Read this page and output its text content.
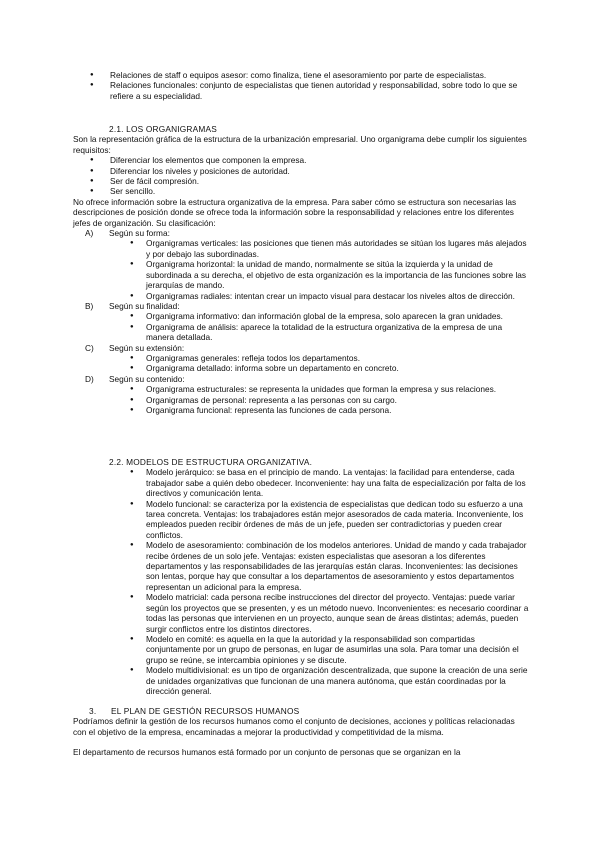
● Relaciones de staff o equipos asesor: como finaliza, tiene el asesoramiento por parte de especialistas.
● Relaciones funcionales: conjunto de especialistas que tienen autoridad y responsabilidad, sobre todo lo que se refiere a su especialidad.

2.1. LOS ORGANIGRAMAS

Son la representación gráfica de la estructura de la urbanización empresarial. Uno organigrama debe cumplir los siguientes requisitos:

● Diferenciar los elementos que componen la empresa.
● Diferenciar los niveles y posiciones de autoridad.
● Ser de fácil compresión.
● Ser sencillo.

No ofrece información sobre la estructura organizativa de la empresa. Para saber cómo se estructura son necesarias las descripciones de posición donde se ofrece toda la información sobre la responsabilidad y relaciones entre los diferentes jefes de organización. Su clasificación:

A) Según su forma:

● Organigramas verticales: las posiciones que tienen más autoridades se sitúan los lugares más alejados y por debajo las subordinadas.
● Organigrama horizontal: la unidad de mando, normalmente se sitúa la izquierda y la unidad de subordinada a su derecha, el objetivo de esta organización es la importancia de las funciones sobre las jerarquías de mando.
● Organigramas radiales: intentan crear un impacto visual para destacar los niveles altos de dirección.

B) Según su finalidad:

● Organigrama informativo: dan información global de la empresa, solo aparecen la gran unidades.
● Organigrama de análisis: aparece la totalidad de la estructura organizativa de la empresa de una manera detallada.

C) Según su extensión:

● Organigramas generales: refleja todos los departamentos.
● Organigrama detallado: informa sobre un departamento en concreto.

D) Según su contenido:

● Organigrama estructurales: se representa la unidades que forman la empresa y sus relaciones.
● Organigramas de personal: representa a las personas con su cargo.
● Organigrama funcional: representa las funciones de cada persona.

2.2. MODELOS DE ESTRUCTURA ORGANIZATIVA.

● Modelo jerárquico: se basa en el principio de mando. La ventajas: la facilidad para entenderse, cada trabajador sabe a quién debo obedecer. Inconveniente: hay una falta de especialización por falta de los directivos y comunicación lenta.
● Modelo funcional: se caracteriza por la existencia de especialistas que dedican todo su esfuerzo a una tarea concreta. Ventajas: los trabajadores están mejor asesorados de cada materia. Inconveniente, los empleados pueden recibir órdenes de más de un jefe, pueden ser contradictorias y pueden crear conflictos.
● Modelo de asesoramiento: combinación de los modelos anteriores. Unidad de mando y cada trabajador recibe órdenes de un solo jefe. Ventajas: existen especialistas que asesoran a los diferentes departamentos y las responsabilidades de las jerarquías están claras. Inconvenientes: las decisiones son lentas, porque hay que consultar a los departamentos de asesoramiento y estos departamentos representan un adicional para la empresa.
● Modelo matricial: cada persona recibe instrucciones del director del proyecto. Ventajas: puede variar según los proyectos que se presenten, y es un método nuevo. Inconvenientes: es necesario coordinar a todas las personas que intervienen en un proyecto, aunque sean de áreas distintas; además, pueden surgir conflictos entre los distintos directores.
● Modelo en comité: es aquella en la que la autoridad y la responsabilidad son compartidas conjuntamente por un grupo de personas, en lugar de asumirlas una sola. Para tomar una decisión el grupo se reúne, se intercambia opiniones y se discute.
● Modelo multidivisional: es un tipo de organización descentralizada, que supone la creación de una serie de unidades organizativas que funcionan de una manera autónoma, que están coordinadas por la dirección general.

3. EL PLAN DE GESTIÓN RECURSOS HUMANOS

Podríamos definir la gestión de los recursos humanos como el conjunto de decisiones, acciones y políticas relacionadas con el objetivo de la empresa, encaminadas a mejorar la productividad y competitividad de la misma.

El departamento de recursos humanos está formado por un conjunto de personas que se organizan en la
